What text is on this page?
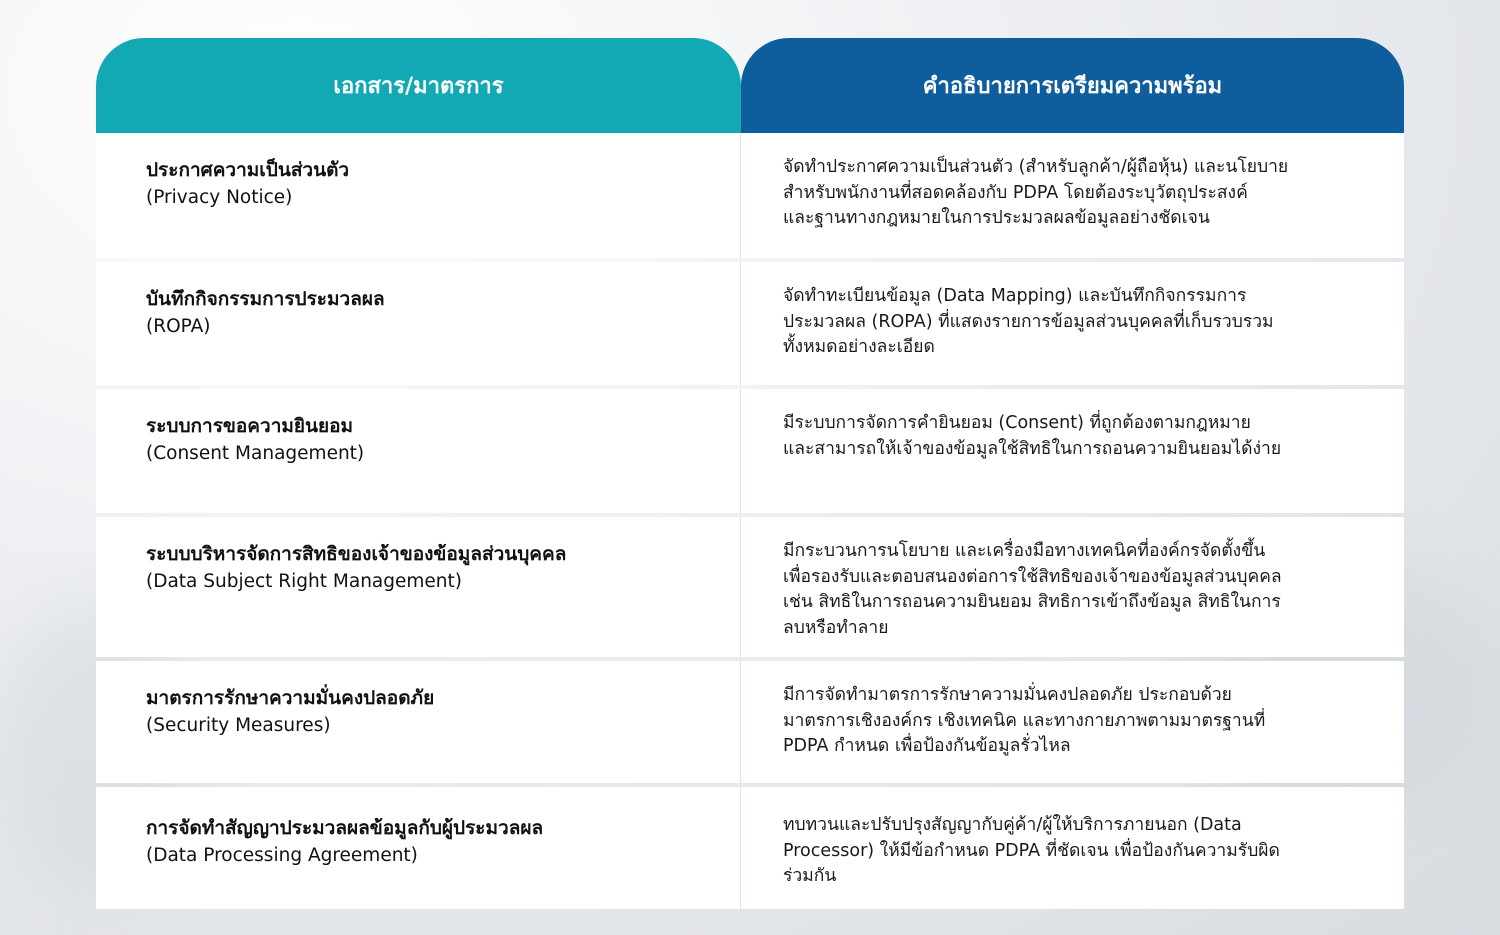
เอกสาร/มาตรการ	คำอธิบายการเตรียมความพร้อม
ประกาศความเป็นส่วนตัว
(Privacy Notice)
จัดทำประกาศความเป็นส่วนตัว (สำหรับลูกค้า/ผู้ถือหุ้น) และนโยบาย
สำหรับพนักงานที่สอดคล้องกับ PDPA โดยต้องระบุวัตถุประสงค์
และฐานทางกฎหมายในการประมวลผลข้อมูลอย่างชัดเจน
บันทึกกิจกรรมการประมวลผล
(ROPA)
จัดทำทะเบียนข้อมูล (Data Mapping) และบันทึกกิจกรรมการ
ประมวลผล (ROPA) ที่แสดงรายการข้อมูลส่วนบุคคลที่เก็บรวบรวม
ทั้งหมดอย่างละเอียด
ระบบการขอความยินยอม
(Consent Management)
มีระบบการจัดการคำยินยอม (Consent) ที่ถูกต้องตามกฎหมาย
และสามารถให้เจ้าของข้อมูลใช้สิทธิในการถอนความยินยอมได้ง่าย
ระบบบริหารจัดการสิทธิของเจ้าของข้อมูลส่วนบุคคล
(Data Subject Right Management)
มีกระบวนการนโยบาย และเครื่องมือทางเทคนิคที่องค์กรจัดตั้งขึ้น
เพื่อรองรับและตอบสนองต่อการใช้สิทธิของเจ้าของข้อมูลส่วนบุคคล
เช่น สิทธิในการถอนความยินยอม สิทธิการเข้าถึงข้อมูล สิทธิในการ
ลบหรือทำลาย
มาตรการรักษาความมั่นคงปลอดภัย
(Security Measures)
มีการจัดทำมาตรการรักษาความมั่นคงปลอดภัย ประกอบด้วย
มาตรการเชิงองค์กร เชิงเทคนิค และทางกายภาพตามมาตรฐานที่
PDPA กำหนด เพื่อป้องกันข้อมูลรั่วไหล
การจัดทำสัญญาประมวลผลข้อมูลกับผู้ประมวลผล
(Data Processing Agreement)
ทบทวนและปรับปรุงสัญญากับคู่ค้า/ผู้ให้บริการภายนอก (Data
Processor) ให้มีข้อกำหนด PDPA ที่ชัดเจน เพื่อป้องกันความรับผิด
ร่วมกัน
